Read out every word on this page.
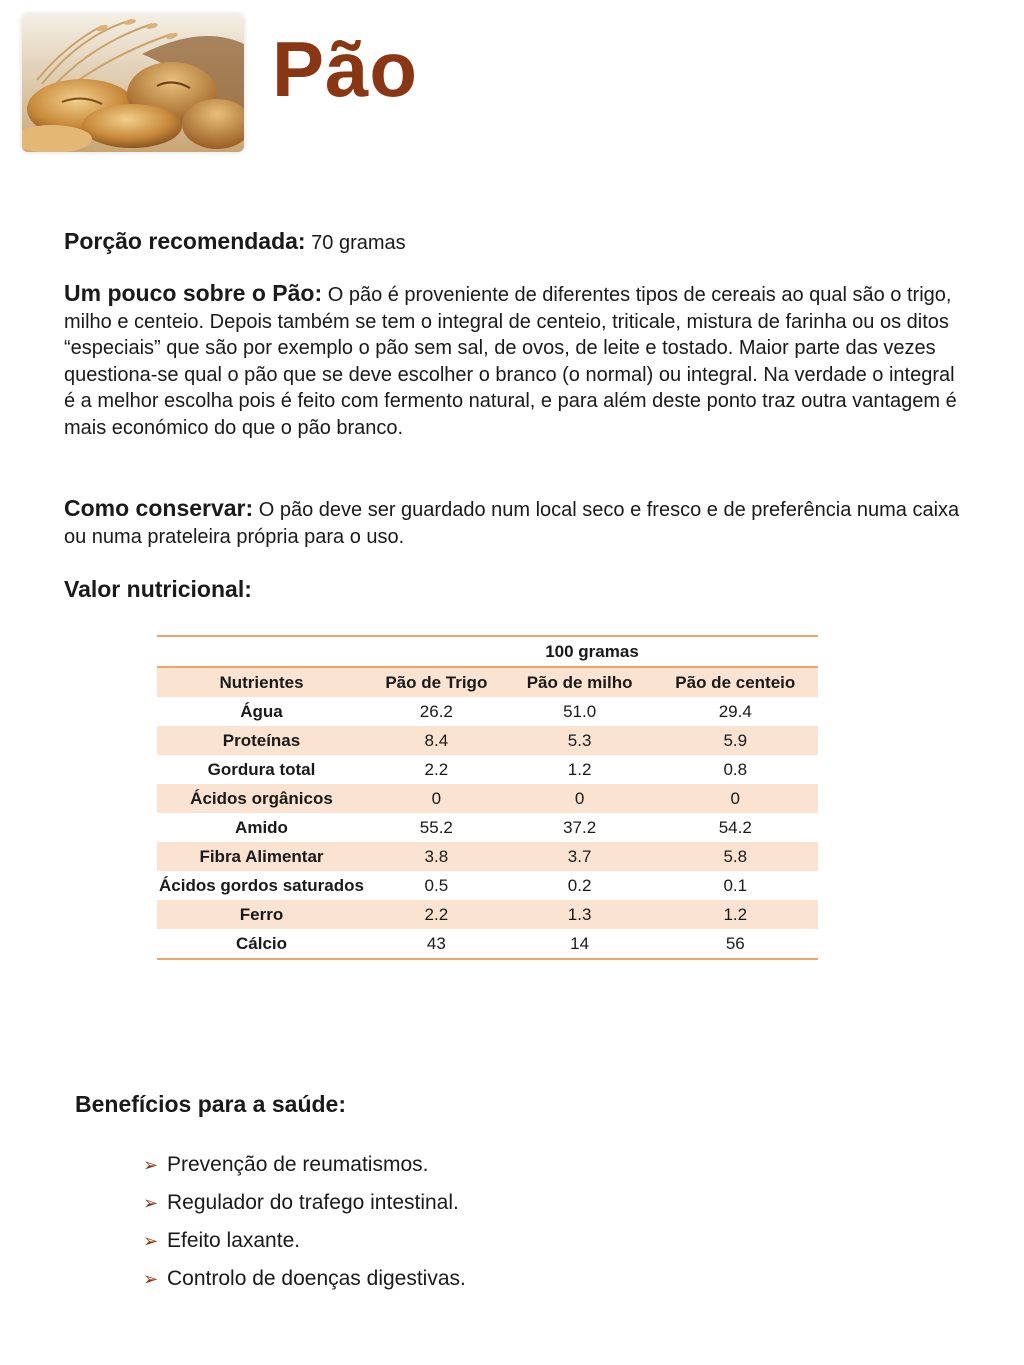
Pão
Porção recomendada: 70 gramas
Um pouco sobre o Pão: O pão é proveniente de diferentes tipos de cereais ao qual são o trigo, milho e centeio. Depois também se tem o integral de centeio, triticale, mistura de farinha ou os ditos “especiais” que são por exemplo o pão sem sal, de ovos, de leite e tostado. Maior parte das vezes questiona-se qual o pão que se deve escolher o branco (o normal) ou integral. Na verdade o integral é a melhor escolha pois é feito com fermento natural, e para além deste ponto traz outra vantagem é mais económico do que o pão branco.
Como conservar: O pão deve ser guardado num local seco e fresco e de preferência numa caixa ou numa prateleira própria para o uso.
Valor nutricional:
	100 gramas		
Nutrientes	Pão de Trigo	Pão de milho	Pão de centeio
Água	26.2	51.0	29.4
Proteínas	8.4	5.3	5.9
Gordura total	2.2	1.2	0.8
Ácidos orgânicos	0	0	0
Amido	55.2	37.2	54.2
Fibra Alimentar	3.8	3.7	5.8
Ácidos gordos saturados	0.5	0.2	0.1
Ferro	2.2	1.3	1.2
Cálcio	43	14	56
Benefícios para a saúde:
➢ Prevenção de reumatismos.
➢ Regulador do trafego intestinal.
➢ Efeito laxante.
➢ Controlo de doenças digestivas.
